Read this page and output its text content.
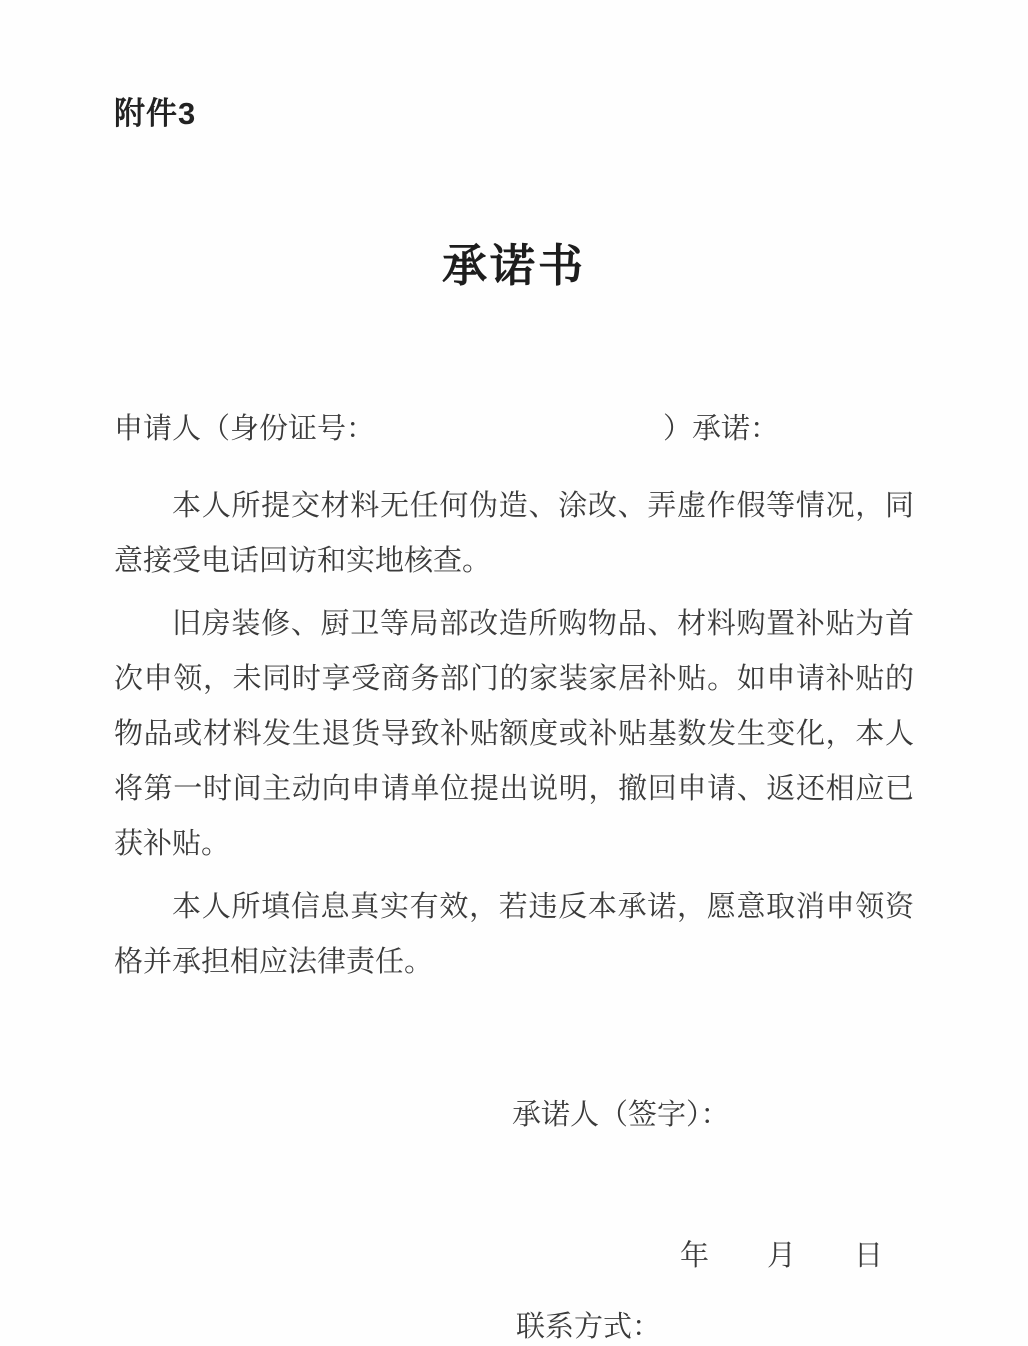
附件3
承诺书
申请人（身份证号：	）承诺：

本人所提交材料无任何伪造、涂改、弄虚作假等情况，同意接受电话回访和实地核查。

旧房装修、厨卫等局部改造所购物品、材料购置补贴为首次申领，未同时享受商务部门的家装家居补贴。如申请补贴的物品或材料发生退货导致补贴额度或补贴基数发生变化，本人将第一时间主动向申请单位提出说明，撤回申请、返还相应已获补贴。

本人所填信息真实有效，若违反本承诺，愿意取消申领资格并承担相应法律责任。

承诺人（签字）：
年　　月　　日
联系方式：
